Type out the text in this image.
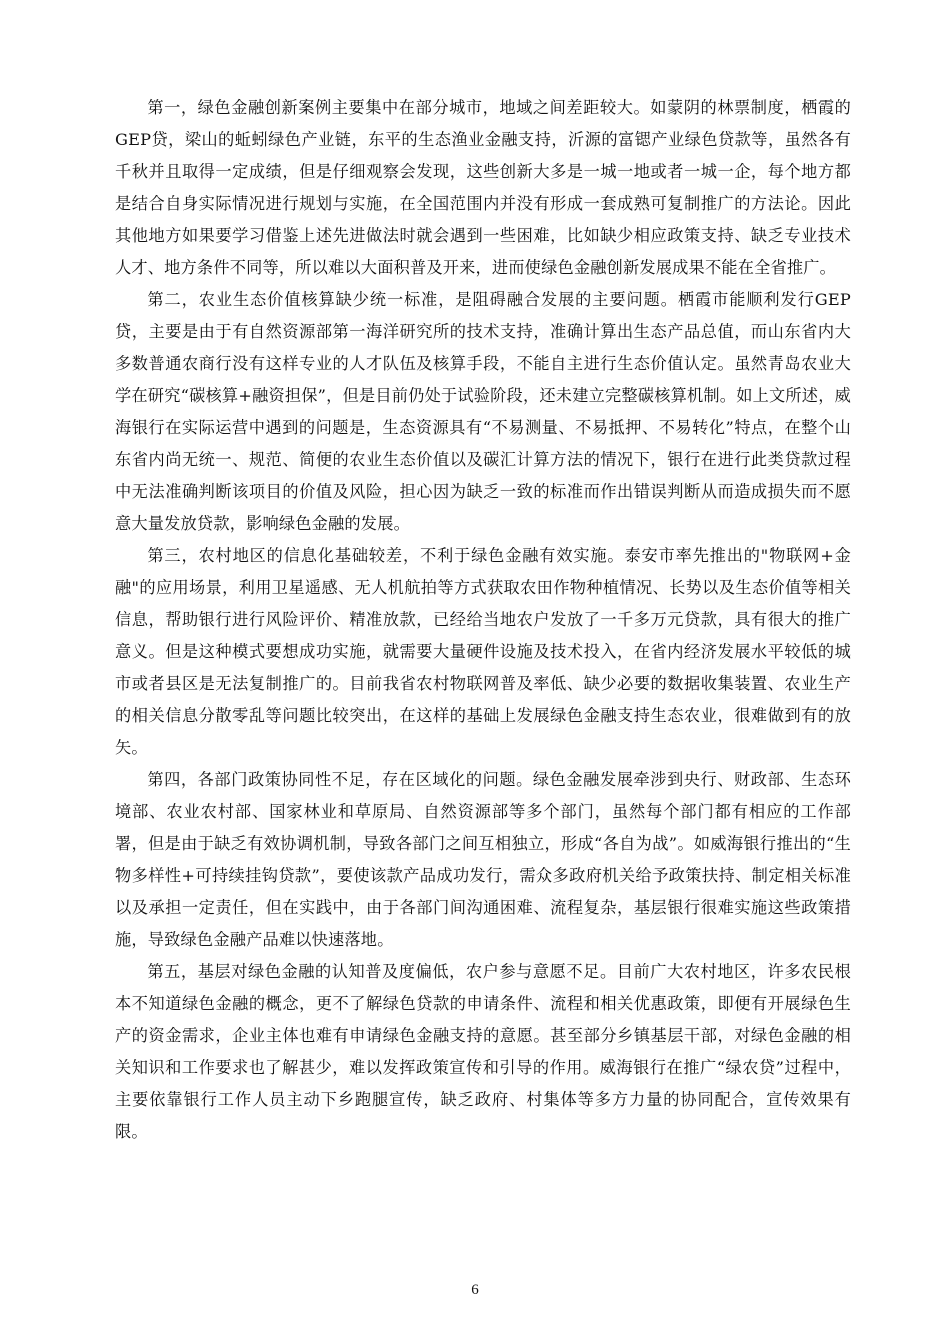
第一，绿色金融创新案例主要集中在部分城市，地域之间差距较大。如蒙阴的林票制度，栖霞的GEP贷，梁山的蚯蚓绿色产业链，东平的生态渔业金融支持，沂源的富锶产业绿色贷款等，虽然各有千秋并且取得一定成绩，但是仔细观察会发现，这些创新大多是一城一地或者一城一企，每个地方都是结合自身实际情况进行规划与实施，在全国范围内并没有形成一套成熟可复制推广的方法论。因此其他地方如果要学习借鉴上述先进做法时就会遇到一些困难，比如缺少相应政策支持、缺乏专业技术人才、地方条件不同等，所以难以大面积普及开来，进而使绿色金融创新发展成果不能在全省推广。

第二，农业生态价值核算缺少统一标准，是阻碍融合发展的主要问题。栖霞市能顺利发行GEP贷，主要是由于有自然资源部第一海洋研究所的技术支持，准确计算出生态产品总值，而山东省内大多数普通农商行没有这样专业的人才队伍及核算手段，不能自主进行生态价值认定。虽然青岛农业大学在研究“碳核算+融资担保”，但是目前仍处于试验阶段，还未建立完整碳核算机制。如上文所述，威海银行在实际运营中遇到的问题是，生态资源具有“不易测量、不易抵押、不易转化”特点，在整个山东省内尚无统一、规范、简便的农业生态价值以及碳汇计算方法的情况下，银行在进行此类贷款过程中无法准确判断该项目的价值及风险，担心因为缺乏一致的标准而作出错误判断从而造成损失而不愿意大量发放贷款，影响绿色金融的发展。

第三，农村地区的信息化基础较差，不利于绿色金融有效实施。泰安市率先推出的"物联网+金融"的应用场景，利用卫星遥感、无人机航拍等方式获取农田作物种植情况、长势以及生态价值等相关信息，帮助银行进行风险评价、精准放款，已经给当地农户发放了一千多万元贷款，具有很大的推广意义。但是这种模式要想成功实施，就需要大量硬件设施及技术投入，在省内经济发展水平较低的城市或者县区是无法复制推广的。目前我省农村物联网普及率低、缺少必要的数据收集装置、农业生产的相关信息分散零乱等问题比较突出，在这样的基础上发展绿色金融支持生态农业，很难做到有的放矢。

第四，各部门政策协同性不足，存在区域化的问题。绿色金融发展牵涉到央行、财政部、生态环境部、农业农村部、国家林业和草原局、自然资源部等多个部门，虽然每个部门都有相应的工作部署，但是由于缺乏有效协调机制，导致各部门之间互相独立，形成“各自为战”。如威海银行推出的“生物多样性+可持续挂钩贷款”，要使该款产品成功发行，需众多政府机关给予政策扶持、制定相关标准以及承担一定责任，但在实践中，由于各部门间沟通困难、流程复杂，基层银行很难实施这些政策措施，导致绿色金融产品难以快速落地。

第五，基层对绿色金融的认知普及度偏低，农户参与意愿不足。目前广大农村地区，许多农民根本不知道绿色金融的概念，更不了解绿色贷款的申请条件、流程和相关优惠政策，即便有开展绿色生产的资金需求，企业主体也难有申请绿色金融支持的意愿。甚至部分乡镇基层干部，对绿色金融的相关知识和工作要求也了解甚少，难以发挥政策宣传和引导的作用。威海银行在推广“绿农贷”过程中，主要依靠银行工作人员主动下乡跑腿宣传，缺乏政府、村集体等多方力量的协同配合，宣传效果有限。

6
